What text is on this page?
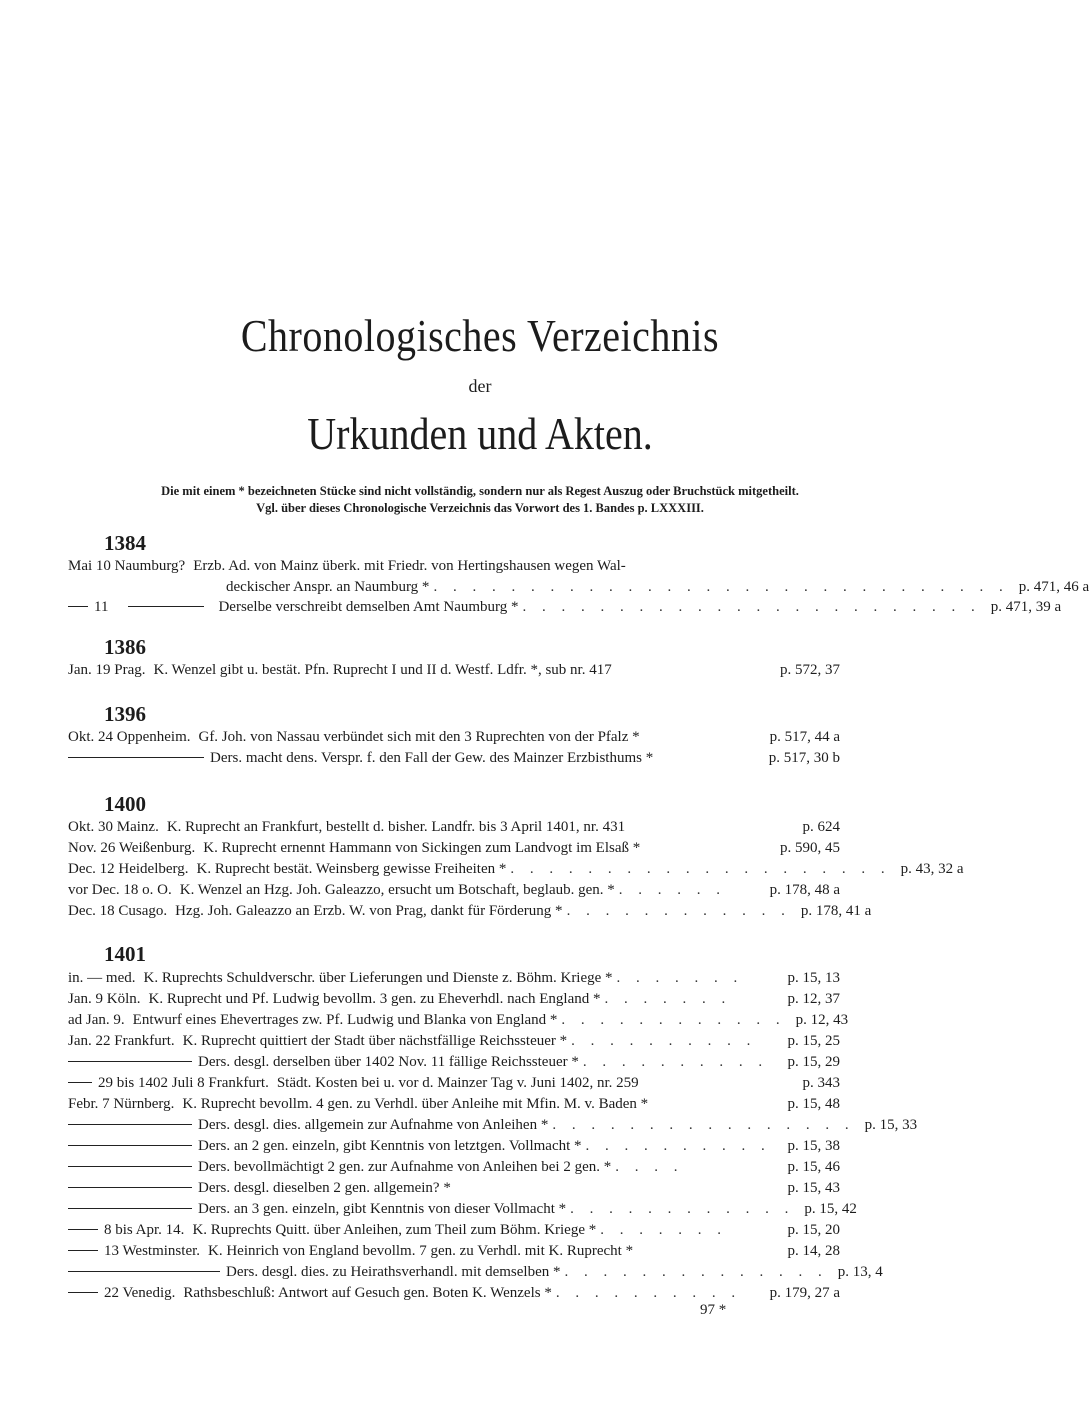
Chronologisches Verzeichnis
der
Urkunden und Akten.
Die mit einem * bezeichneten Stücke sind nicht vollständig, sondern nur als Regest Auszug oder Bruchstück mitgetheilt.
Vgl. über dieses Chronologische Verzeichnis das Vorwort des 1. Bandes p. LXXXIII.
1384
Mai 10 Naumburg? Erzb. Ad. von Mainz überk. mit Friedr. von Hertingshausen wegen Wal-
deckischer Anspr. an Naumburg * . . . . . . . . . . . . . . . . . . . . . . . . . . . . . . p. 471, 46 a
11	Derselbe verschreibt demselben Amt Naumburg * . . . . . . . . . . . . . . . . . . . . . . . . p. 471, 39 a
1386
Jan. 19 Prag. K. Wenzel gibt u. bestät. Pfn. Ruprecht I und II d. Westf. Ldfr. *, sub nr. 417	p. 572, 37
1396
Okt. 24 Oppenheim. Gf. Joh. von Nassau verbündet sich mit den 3 Ruprechten von der Pfalz *	p. 517, 44 a
Ders. macht dens. Verspr. f. den Fall der Gew. des Mainzer Erzbisthums *	p. 517, 30 b
1400
Okt. 30 Mainz. K. Ruprecht an Frankfurt, bestellt d. bisher. Landfr. bis 3 April 1401, nr. 431	p. 624
Nov. 26 Weißenburg. K. Ruprecht ernennt Hammann von Sickingen zum Landvogt im Elsaß *	p. 590, 45
Dec. 12 Heidelberg. K. Ruprecht bestät. Weinsberg gewisse Freiheiten * . . . . . . . . . . . . . . . . . . . . p. 43, 32 a
vor Dec. 18 o. O. K. Wenzel an Hzg. Joh. Galeazzo, ersucht um Botschaft, beglaub. gen. * . . . . . .	p. 178, 48 a
Dec. 18 Cusago. Hzg. Joh. Galeazzo an Erzb. W. von Prag, dankt für Förderung * . . . . . . . . . . . . p. 178, 41 a
1401
in. — med. K. Ruprechts Schuldverschr. über Lieferungen und Dienste z. Böhm. Kriege * . . . . . . .	p. 15, 13
Jan. 9 Köln. K. Ruprecht und Pf. Ludwig bevollm. 3 gen. zu Eheverhdl. nach England * . . . . . . .	p. 12, 37
ad Jan. 9. Entwurf eines Ehevertrages zw. Pf. Ludwig und Blanka von England * . . . . . . . . . . . . p. 12, 43
Jan. 22 Frankfurt. K. Ruprecht quittiert der Stadt über nächstfällige Reichssteuer * . . . . . . . . . .	p. 15, 25
Ders. desgl. derselben über 1402 Nov. 11 fällige Reichssteuer * . . . . . . . . . .	p. 15, 29
29 bis 1402 Juli 8 Frankfurt. Städt. Kosten bei u. vor d. Mainzer Tag v. Juni 1402, nr. 259	p. 343
Febr. 7 Nürnberg. K. Ruprecht bevollm. 4 gen. zu Verhdl. über Anleihe mit Mfin. M. v. Baden *	p. 15, 48
Ders. desgl. dies. allgemein zur Aufnahme von Anleihen * . . . . . . . . . . . . . . . . p. 15, 33
Ders. an 2 gen. einzeln, gibt Kenntnis von letztgen. Vollmacht * . . . . . . . . . .	p. 15, 38
Ders. bevollmächtigt 2 gen. zur Aufnahme von Anleihen bei 2 gen. * . . . .	p. 15, 46
Ders. desgl. dieselben 2 gen. allgemein? *	p. 15, 43
Ders. an 3 gen. einzeln, gibt Kenntnis von dieser Vollmacht * . . . . . . . . . . . . p. 15, 42
8 bis Apr. 14. K. Ruprechts Quitt. über Anleihen, zum Theil zum Böhm. Kriege * . . . . . . .	p. 15, 20
13 Westminster. K. Heinrich von England bevollm. 7 gen. zu Verhdl. mit K. Ruprecht *	p. 14, 28
Ders. desgl. dies. zu Heirathsverhandl. mit demselben * . . . . . . . . . . . . . . p. 13, 4
22 Venedig. Rathsbeschluß: Antwort auf Gesuch gen. Boten K. Wenzels * . . . . . . . . . .	p. 179, 27 a
97 *
